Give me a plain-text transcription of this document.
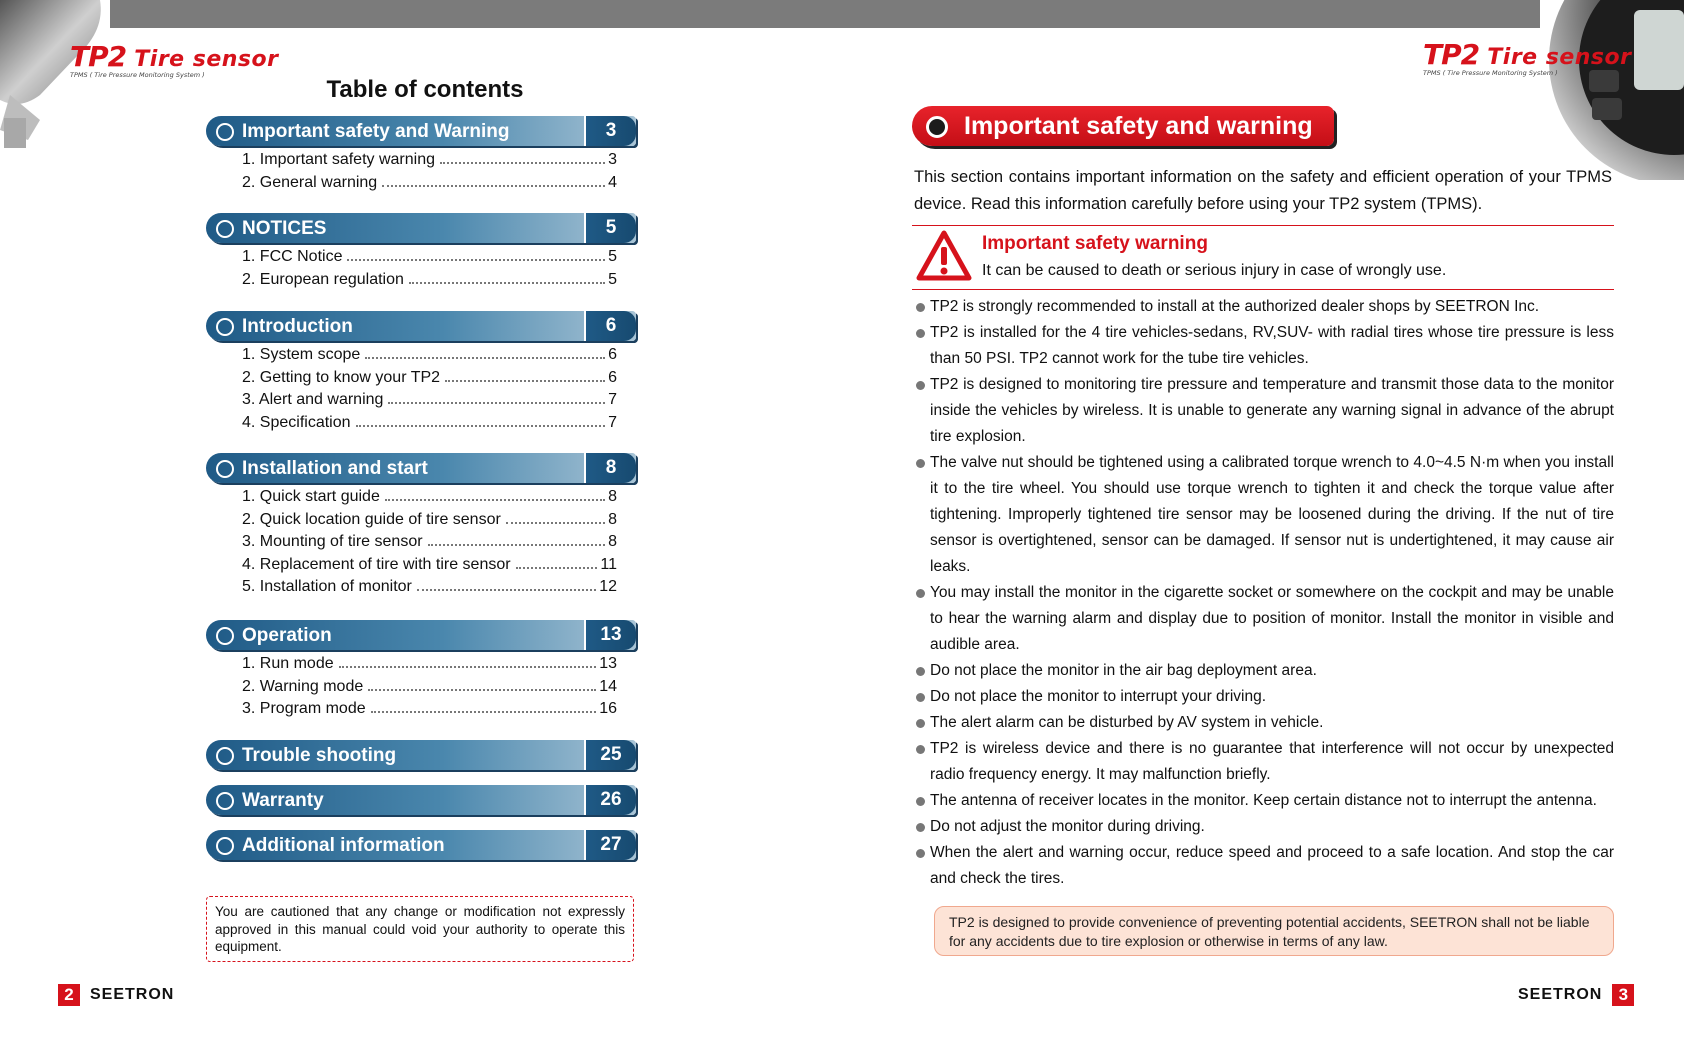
TP2 Tire sensor
TPMS ( Tire Pressure Monitoring System )
TP2 Tire sensor
TPMS ( Tire Pressure Monitoring System )
Table of contents
Important safety and Warning	3
1. Important safety warning	3
2. General warning	4
NOTICES	5
1. FCC Notice	5
2. European regulation	5
Introduction	6
1. System scope	6
2. Getting to know your TP2	6
3. Alert and warning	7
4. Specification	7
Installation and start	8
1. Quick start guide	8
2. Quick location guide of tire sensor	8
3. Mounting of tire sensor	8
4. Replacement of tire with tire sensor	11
5. Installation of monitor	12
Operation	13
1. Run mode	13
2. Warning mode	14
3. Program mode	16
Trouble shooting	25
Warranty	26
Additional information	27
You are cautioned that any change or modification not expressly approved in this manual could void your authority to operate this equipment.
2	SEETRON
Important safety and warning
This section contains important information on the safety and efficient operation of your TPMS device. Read this information carefully before using your TP2 system (TPMS).
Important safety warning
It can be caused to death or serious injury in case of wrongly use.
TP2 is strongly recommended to install at the authorized dealer shops by SEETRON Inc.
TP2 is installed for the 4 tire vehicles-sedans, RV,SUV- with radial tires whose tire pressure is less than 50 PSI. TP2 cannot work for the tube tire vehicles.
TP2 is designed to monitoring tire pressure and temperature and transmit those data to the monitor inside the vehicles by wireless. It is unable to generate any warning signal in advance of the abrupt tire explosion.
The valve nut should be tightened using a calibrated torque wrench to 4.0~4.5 N·m when you install it to the tire wheel. You should use torque wrench to tighten it and check the torque value after tightening. Improperly tightened tire sensor may be loosened during the driving. If the nut of tire sensor is overtightened, sensor can be damaged. If sensor nut is undertightened, it may cause air leaks.
You may install the monitor in the cigarette socket or somewhere on the cockpit and may be unable to hear the warning alarm and display due to position of monitor. Install the monitor in visible and audible area.
Do not place the monitor in the air bag deployment area.
Do not place the monitor to interrupt your driving.
The alert alarm can be disturbed by AV system in vehicle.
TP2 is wireless device and there is no guarantee that interference will not occur by unexpected radio frequency energy. It may malfunction briefly.
The antenna of receiver locates in the monitor. Keep certain distance not to interrupt the antenna.
Do not adjust the monitor during driving.
When the alert and warning occur, reduce speed and proceed to a safe location. And stop the car and check the tires.
TP2 is designed to provide convenience of preventing potential accidents, SEETRON shall not be liable for any accidents due to tire explosion or otherwise in terms of any law.
SEETRON 3
